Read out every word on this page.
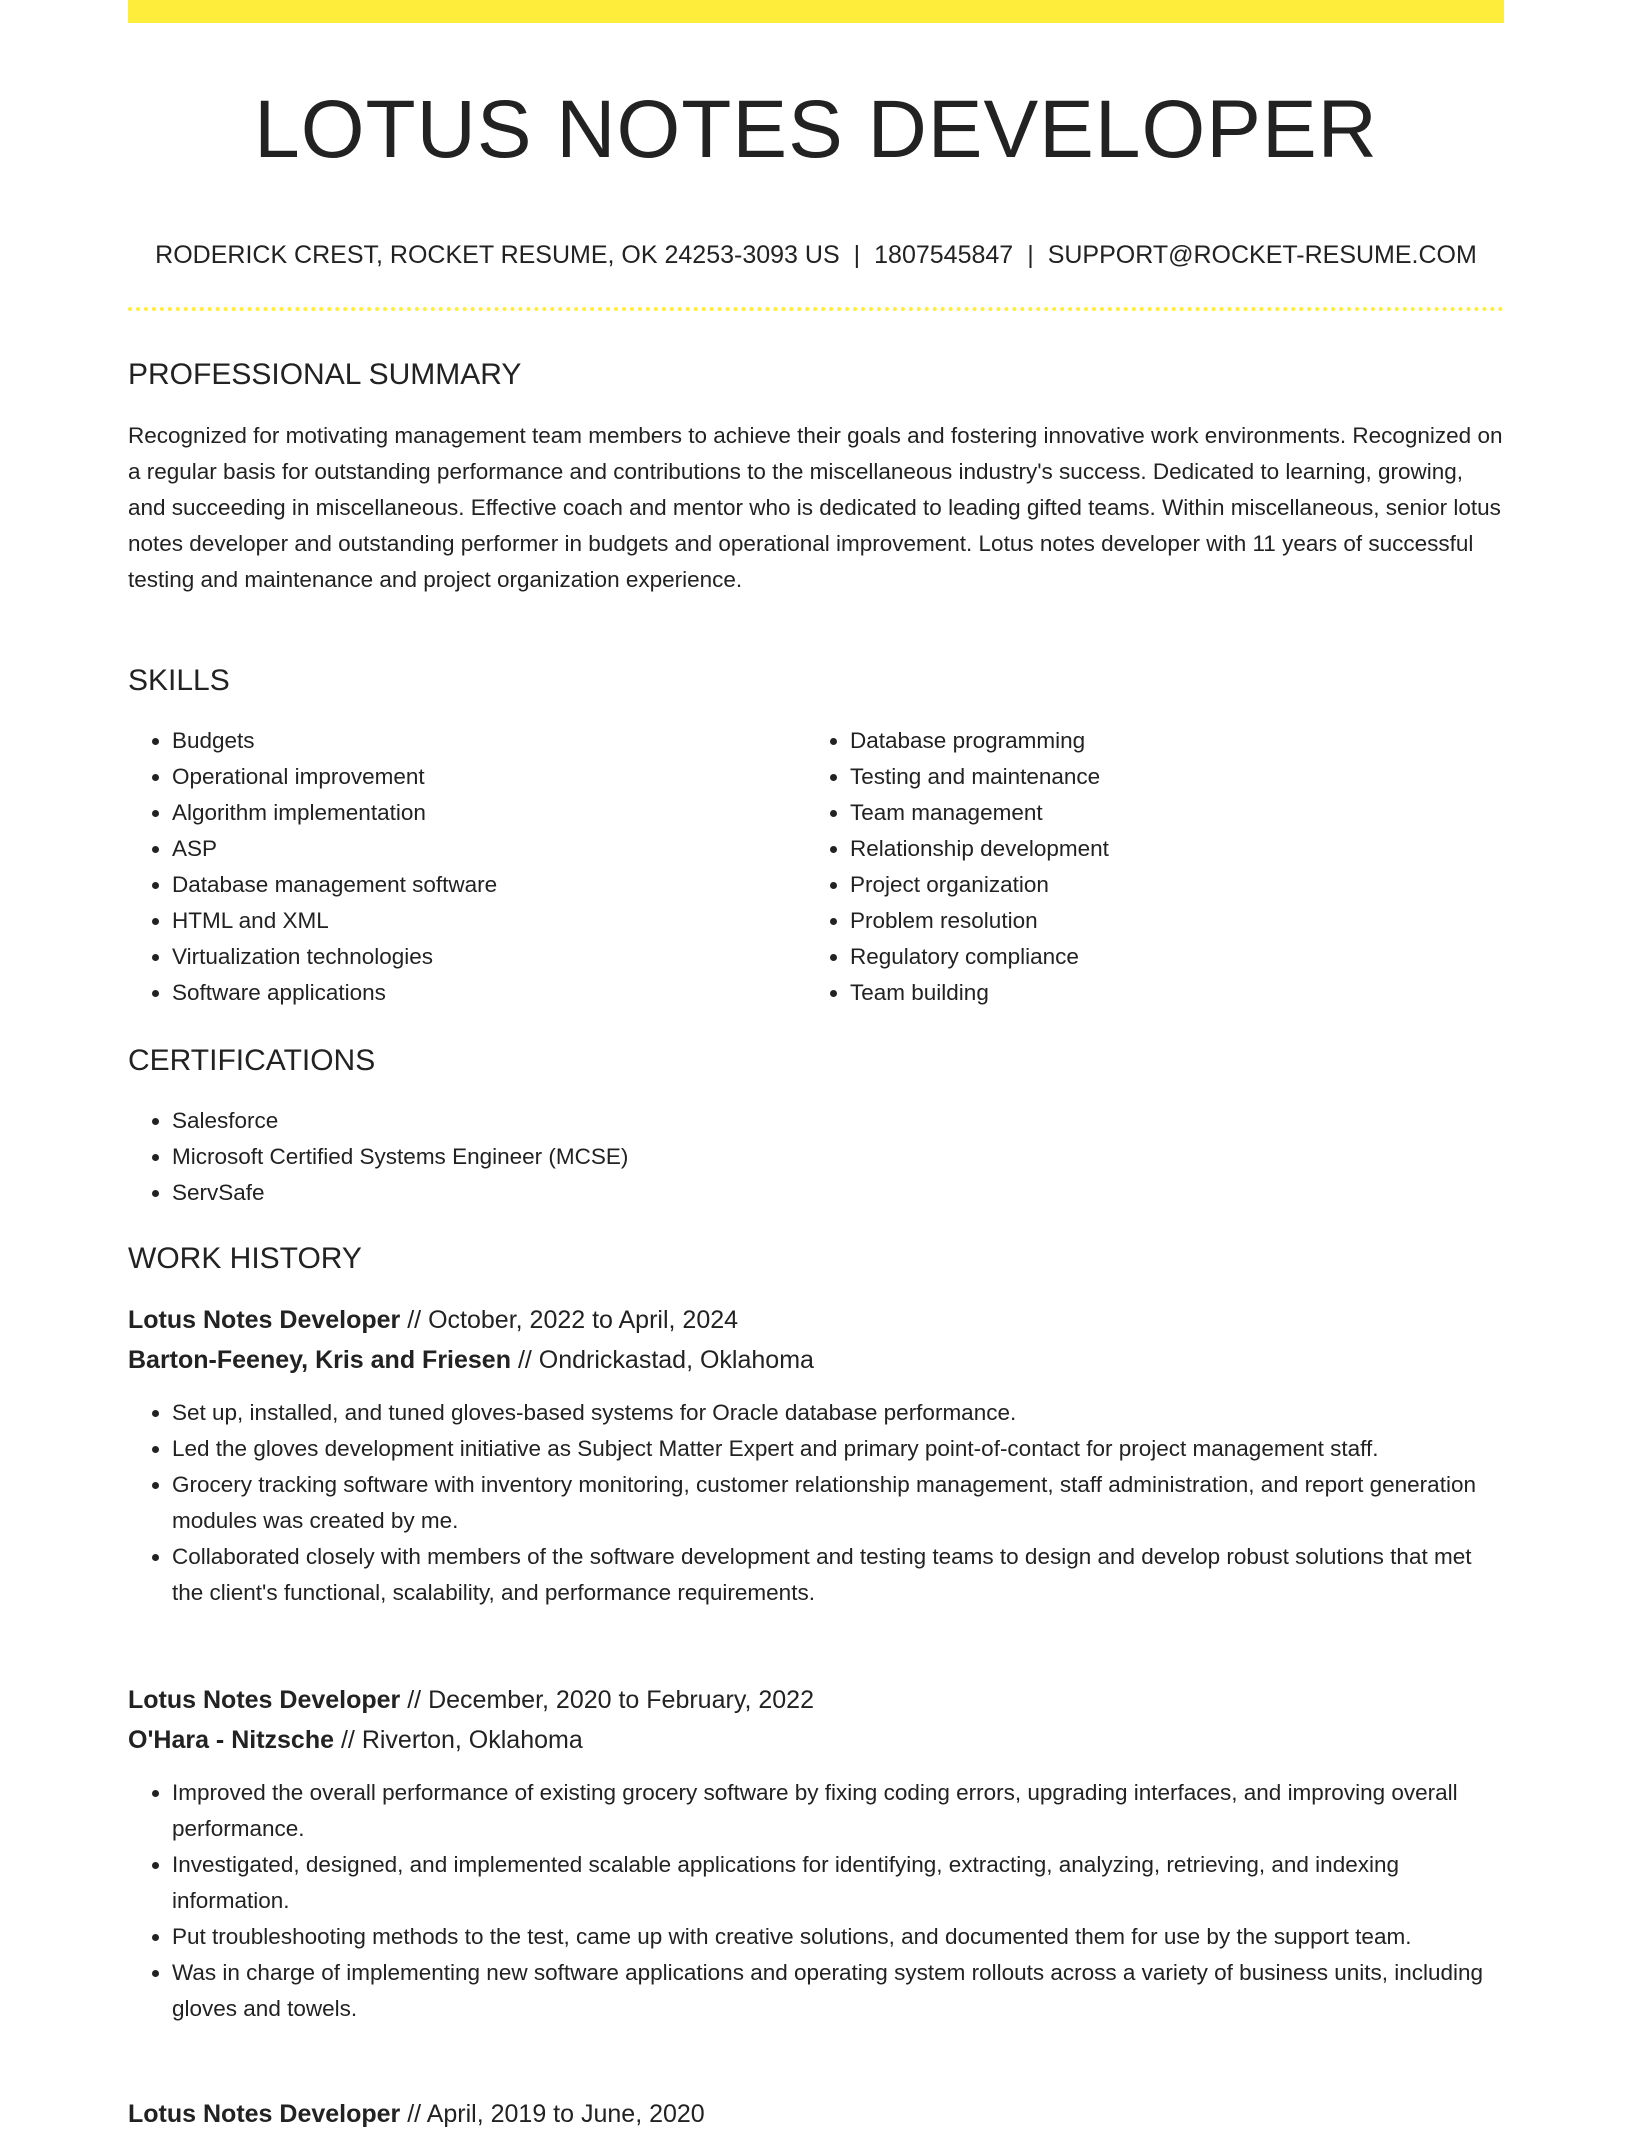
LOTUS NOTES DEVELOPER
RODERICK CREST, ROCKET RESUME, OK 24253-3093 US | 1807545847 | SUPPORT@ROCKET-RESUME.COM
PROFESSIONAL SUMMARY

Recognized for motivating management team members to achieve their goals and fostering innovative work environments. Recognized on a regular basis for outstanding performance and contributions to the miscellaneous industry's success. Dedicated to learning, growing, and succeeding in miscellaneous. Effective coach and mentor who is dedicated to leading gifted teams. Within miscellaneous, senior lotus notes developer and outstanding performer in budgets and operational improvement. Lotus notes developer with 11 years of successful testing and maintenance and project organization experience.

SKILLS
• Budgets
• Operational improvement
• Algorithm implementation
• ASP
• Database management software
• HTML and XML
• Virtualization technologies
• Software applications
• Database programming
• Testing and maintenance
• Team management
• Relationship development
• Project organization
• Problem resolution
• Regulatory compliance
• Team building
CERTIFICATIONS
• Salesforce
• Microsoft Certified Systems Engineer (MCSE)
• ServSafe
WORK HISTORY
Lotus Notes Developer // October, 2022 to April, 2024
Barton-Feeney, Kris and Friesen // Ondrickastad, Oklahoma
• Set up, installed, and tuned gloves-based systems for Oracle database performance.
• Led the gloves development initiative as Subject Matter Expert and primary point-of-contact for project management staff.
• Grocery tracking software with inventory monitoring, customer relationship management, staff administration, and report generation modules was created by me.
• Collaborated closely with members of the software development and testing teams to design and develop robust solutions that met the client's functional, scalability, and performance requirements.
Lotus Notes Developer // December, 2020 to February, 2022
O'Hara - Nitzsche // Riverton, Oklahoma
• Improved the overall performance of existing grocery software by fixing coding errors, upgrading interfaces, and improving overall performance.
• Investigated, designed, and implemented scalable applications for identifying, extracting, analyzing, retrieving, and indexing information.
• Put troubleshooting methods to the test, came up with creative solutions, and documented them for use by the support team.
• Was in charge of implementing new software applications and operating system rollouts across a variety of business units, including gloves and towels.
Lotus Notes Developer // April, 2019 to June, 2020
